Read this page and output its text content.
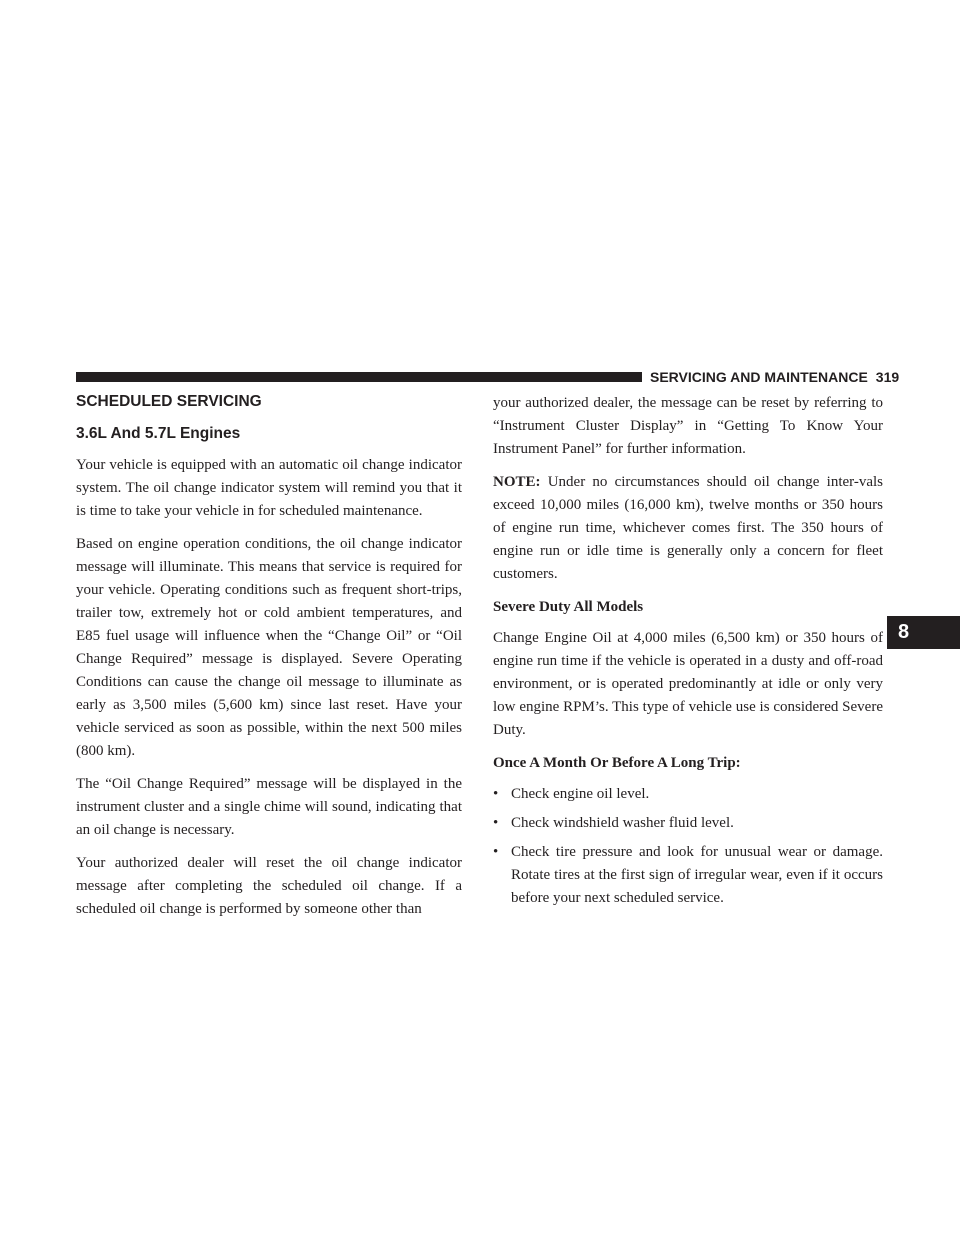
SERVICING AND MAINTENANCE 319
8
SCHEDULED SERVICING
3.6L And 5.7L Engines

Your vehicle is equipped with an automatic oil change indicator system. The oil change indicator system will remind you that it is time to take your vehicle in for scheduled maintenance.

Based on engine operation conditions, the oil change indicator message will illuminate. This means that service is required for your vehicle. Operating conditions such as frequent short-trips, trailer tow, extremely hot or cold ambient temperatures, and E85 fuel usage will influence when the “Change Oil” or “Oil Change Required” message is displayed. Severe Operating Conditions can cause the change oil message to illuminate as early as 3,500 miles (5,600 km) since last reset. Have your vehicle serviced as soon as possible, within the next 500 miles (800 km).

The “Oil Change Required” message will be displayed in the instrument cluster and a single chime will sound, indicating that an oil change is necessary.

Your authorized dealer will reset the oil change indicator message after completing the scheduled oil change. If a scheduled oil change is performed by someone other than

your authorized dealer, the message can be reset by referring to “Instrument Cluster Display” in “Getting To Know Your Instrument Panel” for further information.

NOTE: Under no circumstances should oil change inter-vals exceed 10,000 miles (16,000 km), twelve months or 350 hours of engine run time, whichever comes first. The 350 hours of engine run or idle time is generally only a concern for fleet customers.

Severe Duty All Models

Change Engine Oil at 4,000 miles (6,500 km) or 350 hours of engine run time if the vehicle is operated in a dusty and off-road environment, or is operated predominantly at idle or only very low engine RPM’s. This type of vehicle use is considered Severe Duty.

Once A Month Or Before A Long Trip:
• Check engine oil level.
• Check windshield washer fluid level.
• Check tire pressure and look for unusual wear or damage. Rotate tires at the first sign of irregular wear, even if it occurs before your next scheduled service.
